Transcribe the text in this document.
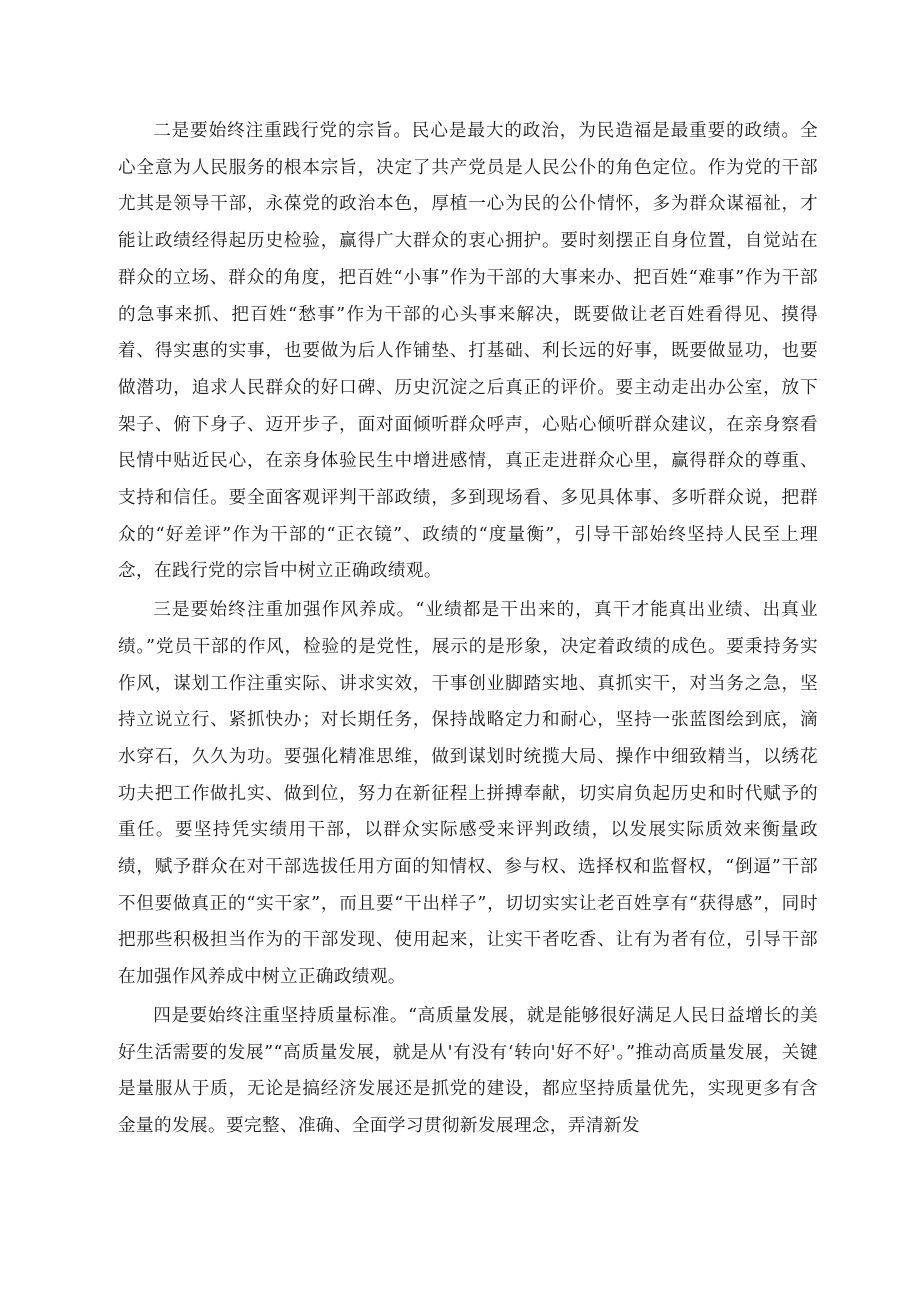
二是要始终注重践行党的宗旨。民心是最大的政治，为民造福是最重要的政绩。全心全意为人民服务的根本宗旨，决定了共产党员是人民公仆的角色定位。作为党的干部尤其是领导干部，永葆党的政治本色，厚植一心为民的公仆情怀，多为群众谋福祉，才能让政绩经得起历史检验，赢得广大群众的衷心拥护。要时刻摆正自身位置，自觉站在群众的立场、群众的角度，把百姓“小事”作为干部的大事来办、把百姓“难事”作为干部的急事来抓、把百姓“愁事”作为干部的心头事来解决，既要做让老百姓看得见、摸得着、得实惠的实事，也要做为后人作铺垫、打基础、利长远的好事，既要做显功，也要做潜功，追求人民群众的好口碑、历史沉淀之后真正的评价。要主动走出办公室，放下架子、俯下身子、迈开步子，面对面倾听群众呼声，心贴心倾听群众建议，在亲身察看民情中贴近民心，在亲身体验民生中增进感情，真正走进群众心里，赢得群众的尊重、支持和信任。要全面客观评判干部政绩，多到现场看、多见具体事、多听群众说，把群众的“好差评”作为干部的“正衣镜”、政绩的“度量衡”，引导干部始终坚持人民至上理念，在践行党的宗旨中树立正确政绩观。

三是要始终注重加强作风养成。“业绩都是干出来的，真干才能真出业绩、出真业绩。”党员干部的作风，检验的是党性，展示的是形象，决定着政绩的成色。要秉持务实作风，谋划工作注重实际、讲求实效，干事创业脚踏实地、真抓实干，对当务之急，坚持立说立行、紧抓快办；对长期任务，保持战略定力和耐心，坚持一张蓝图绘到底，滴水穿石，久久为功。要强化精准思维，做到谋划时统揽大局、操作中细致精当，以绣花功夫把工作做扎实、做到位，努力在新征程上拼搏奉献，切实肩负起历史和时代赋予的重任。要坚持凭实绩用干部，以群众实际感受来评判政绩，以发展实际质效来衡量政绩，赋予群众在对干部选拔任用方面的知情权、参与权、选择权和监督权，“倒逼”干部不但要做真正的“实干家”，而且要“干出样子”，切切实实让老百姓享有“获得感”，同时把那些积极担当作为的干部发现、使用起来，让实干者吃香、让有为者有位，引导干部在加强作风养成中树立正确政绩观。

四是要始终注重坚持质量标准。“高质量发展，就是能够很好满足人民日益增长的美好生活需要的发展”“高质量发展，就是从'有没有‘转向'好不好'。”推动高质量发展，关键是量服从于质，无论是搞经济发展还是抓党的建设，都应坚持质量优先，实现更多有含金量的发展。要完整、准确、全面学习贯彻新发展理念，弄清新发
